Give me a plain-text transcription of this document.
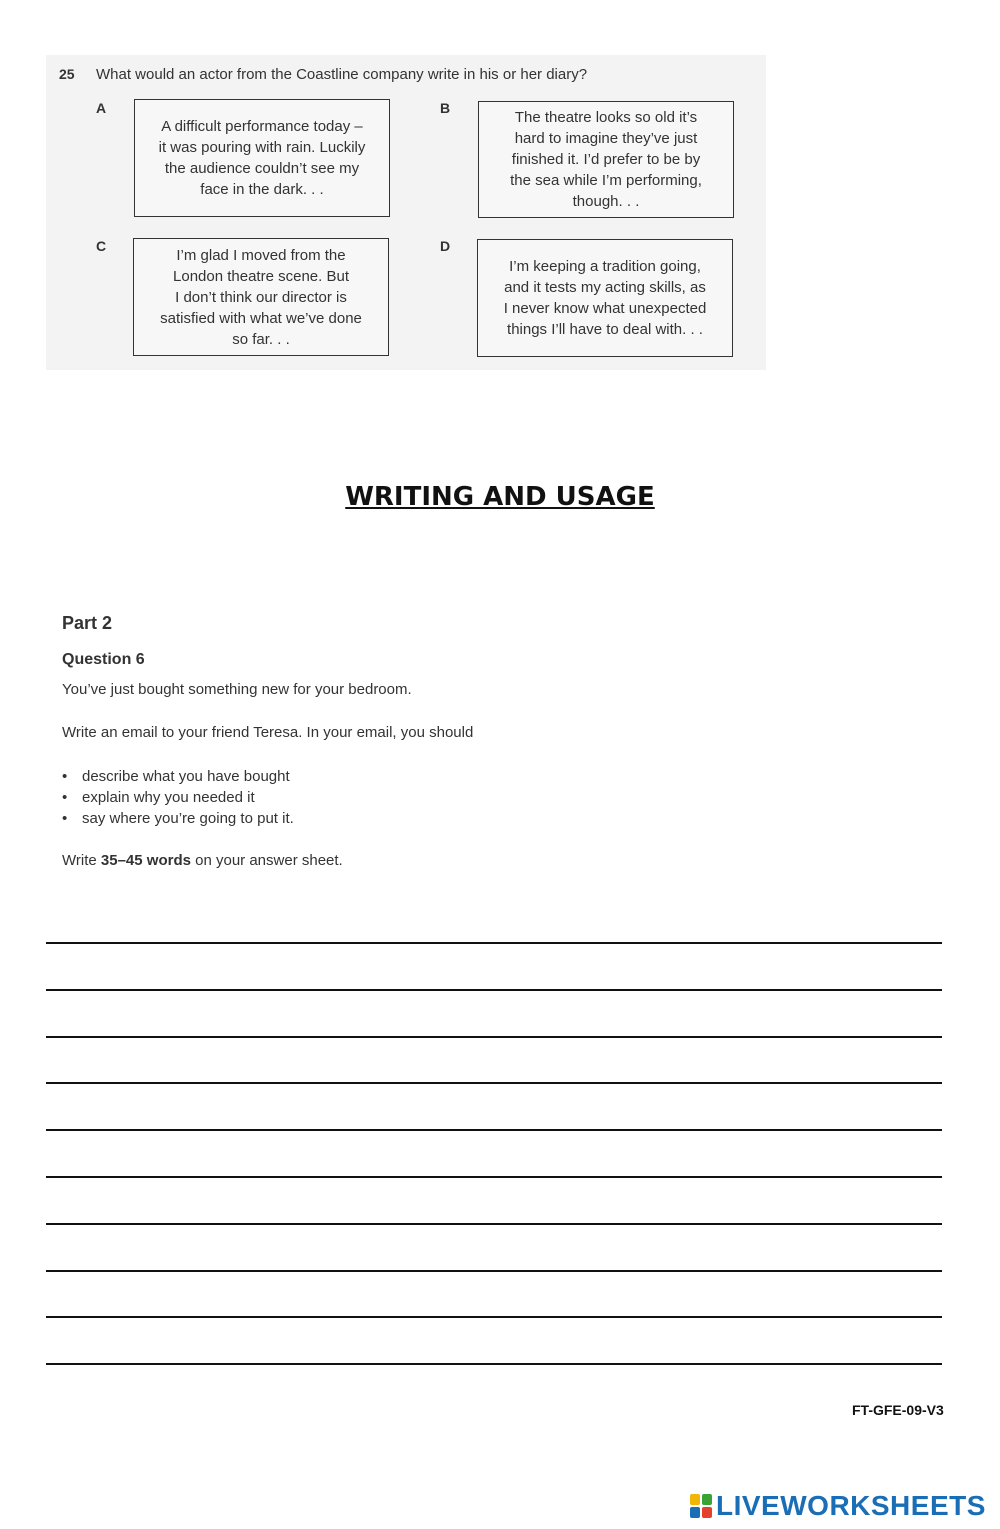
25 What would an actor from the Coastline company write in his or her diary?
A
A difficult performance today –
it was pouring with rain. Luckily
the audience couldn’t see my
face in the dark. . .
B
The theatre looks so old it’s
hard to imagine they’ve just
finished it. I’d prefer to be by
the sea while I’m performing,
though. . .
C
I’m glad I moved from the
London theatre scene. But
I don’t think our director is
satisfied with what we’ve done
so far. . .
D
I’m keeping a tradition going,
and it tests my acting skills, as
I never know what unexpected
things I’ll have to deal with. . .
WRITING AND USAGE
Part 2
Question 6
You’ve just bought something new for your bedroom.
Write an email to your friend Teresa. In your email, you should
• describe what you have bought
• explain why you needed it
• say where you’re going to put it.
Write 35–45 words on your answer sheet.
FT-GFE-09-V3
LIVEWORKSHEETS
